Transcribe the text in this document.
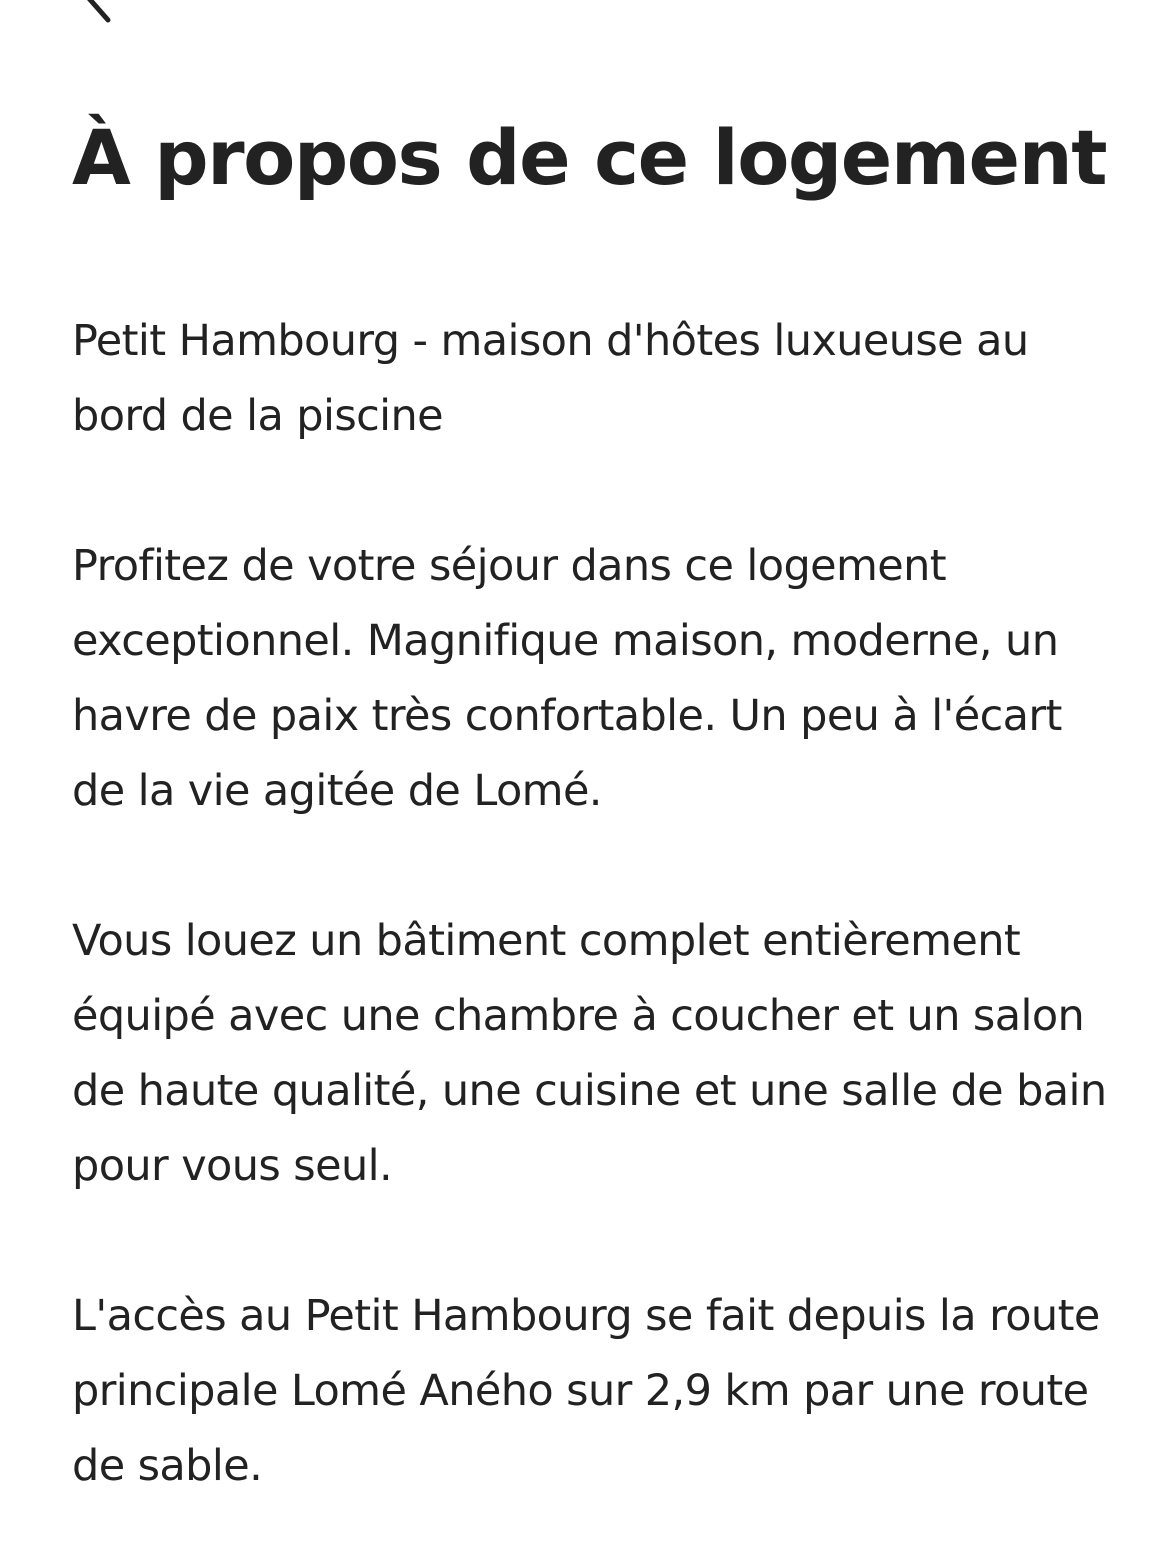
À propos de ce logement

Petit Hambourg - maison d'hôtes luxueuse au bord de la piscine

Profitez de votre séjour dans ce logement exceptionnel. Magnifique maison, moderne, un havre de paix très confortable. Un peu à l'écart de la vie agitée de Lomé.

Vous louez un bâtiment complet entièrement équipé avec une chambre à coucher et un salon de haute qualité, une cuisine et une salle de bain pour vous seul.

L'accès au Petit Hambourg se fait depuis la route principale Lomé Aného sur 2,9 km par une route de sable.
